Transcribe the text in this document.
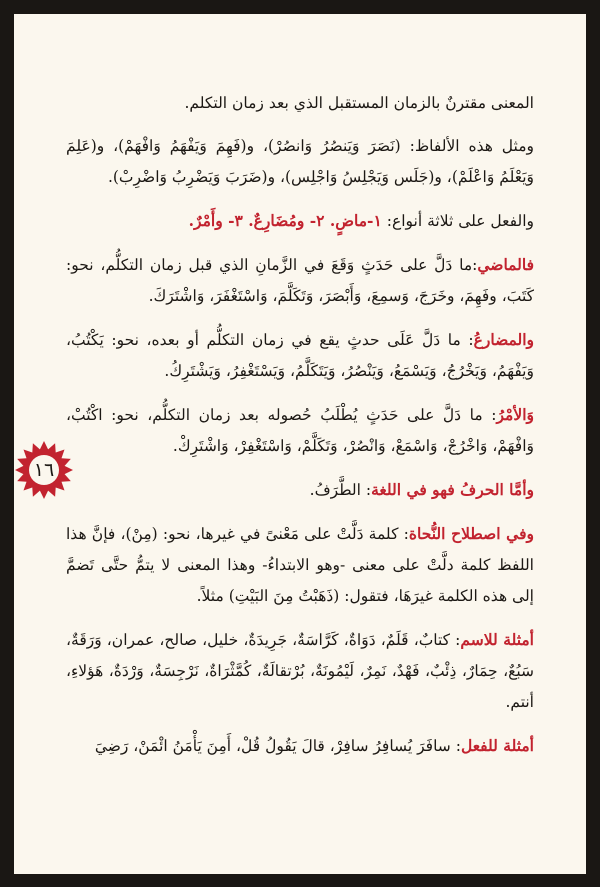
المعنى مقترنٌ بالزمان المستقبل الذي بعد زمان التكلم.

ومثل هذه الألفاظ: (نَصَرَ وَيَنصُرُ وَانصُرْ)، و(فَهِمَ وَيَفْهَمُ وَافْهَمْ)، و(عَلِمَ وَيَعْلَمُ وَاعْلَمْ)، و(جَلَس وَيَجْلِسُ وَاجْلِس)، و(ضَرَبَ وَيَضْرِبُ وَاضْرِبْ).

والفعل على ثلاثة أنواع: ١-ماضٍ. ٢- ومُضَارِعٌ. ٣- وأَمْرٌ.

فالماضي:ما دَلَّ على حَدَثٍ وَقَعَ في الزَّمانِ الذي قبل زمان التكلُّم، نحو: كَتَبَ، وفَهِمَ، وخَرَجَ، وَسمِعَ، وَأَبْصَرَ، وَتَكَلَّمَ، وَاسْتَغْفَرَ، وَاشْتَرَكَ.

والمضارعُ: ما دَلَّ عَلَى حدثٍ يقع في زمان التكلُّم أو بعده، نحو: يَكْتُبُ، وَيَفْهَمُ، وَيَخْرُجُ، وَيَسْمَعُ، وَيَنْصُرُ، وَيَتَكَلَّمُ، وَيَسْتَغْفِرُ، وَيَشْتَرِكُ.

وَالأمْرُ: ما دَلَّ على حَدَثٍ يُطْلَبُ حُصوله بعد زمان التكلُّم، نحو: اكْتُبْ، وَافْهَمْ، وَاخْرُجْ، وَاسْمَعْ، وَانْصُرْ، وَتَكَلَّمْ، وَاسْتَغْفِرْ، وَاشْتَرِكْ.

وأمَّا الحرفُ فهو في اللغة: الطَّرَفُ.

وفي اصطلاح النُّحاة: كلمة دَلَّتْ على مَعْنىً في غيرها، نحو: (مِنْ)، فإنَّ هذا اللفظ كلمة دلَّتْ على معنى -وهو الابتداءُ- وهذا المعنى لا يتمُّ حتَّى تَضمَّ إلى هذه الكلمة غيرَهَا، فتقول: (ذَهَبْتُ مِنَ البَيْتِ) مثلاً.

أمثلة للاسم: كتابٌ، قَلَمٌ، دَوَاةٌ، كَرَّاسَةٌ، جَرِيدَةٌ، خليل، صالح، عمران، وَرَقَةٌ، سَبُعٌ، حِمَارٌ، ذِئْبٌ، فَهْدٌ، نَمِرٌ، لَيْمُونَةٌ، بُرْتقالَةٌ، كُمَّثْرَاةٌ، نَرْجِسَةٌ، وَرْدَةٌ، هَؤلاءِ، أنتم.

أمثلة للفعل: سافَرَ يُسافِرُ سافِرْ، قالَ يَقُولُ قُلْ، أَمِنَ يَأْمَنُ ائْمَنْ، رَضِيَ

١٦
